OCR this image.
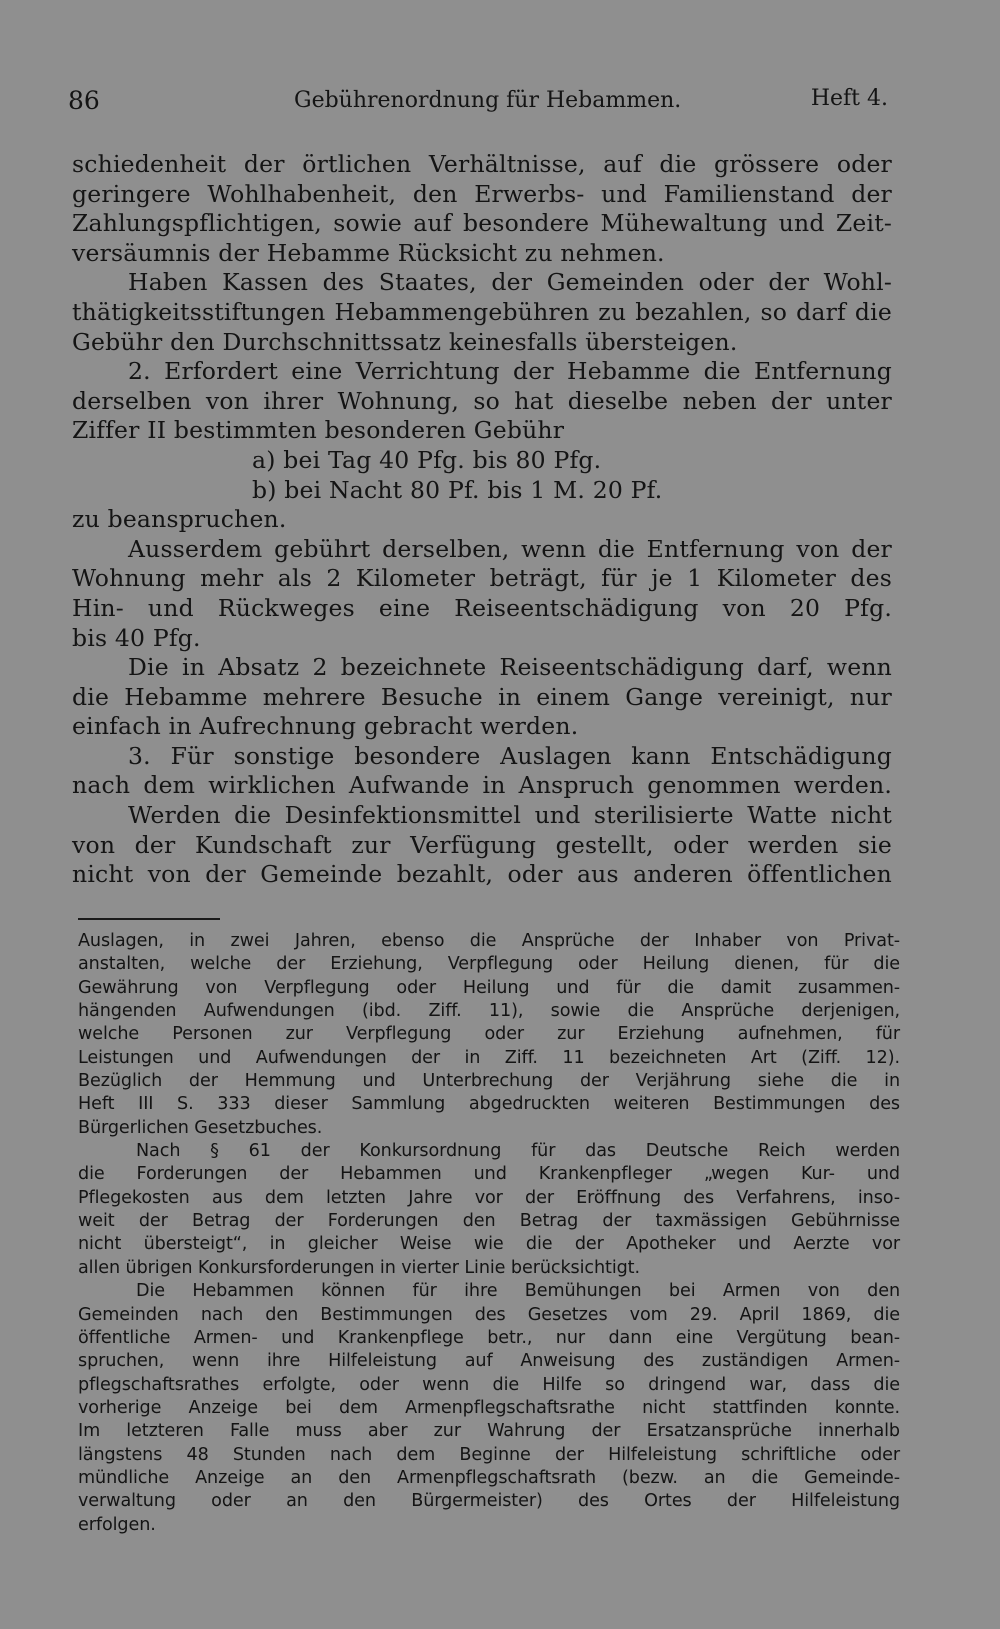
86	Gebührenordnung für Hebammen.	Heft 4.
schiedenheit der örtlichen Verhältnisse, auf die grössere oder
geringere Wohlhabenheit, den Erwerbs- und Familienstand der
Zahlungspflichtigen, sowie auf besondere Mühewaltung und Zeit-
versäumnis der Hebamme Rücksicht zu nehmen.
Haben Kassen des Staates, der Gemeinden oder der Wohl-
thätigkeitsstiftungen Hebammengebühren zu bezahlen, so darf die
Gebühr den Durchschnittssatz keinesfalls übersteigen.
2. Erfordert eine Verrichtung der Hebamme die Entfernung
derselben von ihrer Wohnung, so hat dieselbe neben der unter
Ziffer II bestimmten besonderen Gebühr
a) bei Tag 40 Pfg. bis 80 Pfg.
b) bei Nacht 80 Pf. bis 1 M. 20 Pf.
zu beanspruchen.
Ausserdem gebührt derselben, wenn die Entfernung von der
Wohnung mehr als 2 Kilometer beträgt, für je 1 Kilometer des
Hin- und Rückweges eine Reiseentschädigung von 20 Pfg.
bis 40 Pfg.
Die in Absatz 2 bezeichnete Reiseentschädigung darf, wenn
die Hebamme mehrere Besuche in einem Gange vereinigt, nur
einfach in Aufrechnung gebracht werden.
3. Für sonstige besondere Auslagen kann Entschädigung
nach dem wirklichen Aufwande in Anspruch genommen werden.
Werden die Desinfektionsmittel und sterilisierte Watte nicht
von der Kundschaft zur Verfügung gestellt, oder werden sie
nicht von der Gemeinde bezahlt, oder aus anderen öffentlichen
Auslagen, in zwei Jahren, ebenso die Ansprüche der Inhaber von Privat-
anstalten, welche der Erziehung, Verpflegung oder Heilung dienen, für die
Gewährung von Verpflegung oder Heilung und für die damit zusammen-
hängenden Aufwendungen (ibd. Ziff. 11), sowie die Ansprüche derjenigen,
welche Personen zur Verpflegung oder zur Erziehung aufnehmen, für
Leistungen und Aufwendungen der in Ziff. 11 bezeichneten Art (Ziff. 12).
Bezüglich der Hemmung und Unterbrechung der Verjährung siehe die in
Heft III S. 333 dieser Sammlung abgedruckten weiteren Bestimmungen des
Bürgerlichen Gesetzbuches.
Nach § 61 der Konkursordnung für das Deutsche Reich werden
die Forderungen der Hebammen und Krankenpfleger „wegen Kur- und
Pflegekosten aus dem letzten Jahre vor der Eröffnung des Verfahrens, inso-
weit der Betrag der Forderungen den Betrag der taxmässigen Gebührnisse
nicht übersteigt“, in gleicher Weise wie die der Apotheker und Aerzte vor
allen übrigen Konkursforderungen in vierter Linie berücksichtigt.
Die Hebammen können für ihre Bemühungen bei Armen von den
Gemeinden nach den Bestimmungen des Gesetzes vom 29. April 1869, die
öffentliche Armen- und Krankenpflege betr., nur dann eine Vergütung bean-
spruchen, wenn ihre Hilfeleistung auf Anweisung des zuständigen Armen-
pflegschaftsrathes erfolgte, oder wenn die Hilfe so dringend war, dass die
vorherige Anzeige bei dem Armenpflegschaftsrathe nicht stattfinden konnte.
Im letzteren Falle muss aber zur Wahrung der Ersatzansprüche innerhalb
längstens 48 Stunden nach dem Beginne der Hilfeleistung schriftliche oder
mündliche Anzeige an den Armenpflegschaftsrath (bezw. an die Gemeinde-
verwaltung oder an den Bürgermeister) des Ortes der Hilfeleistung
erfolgen.
